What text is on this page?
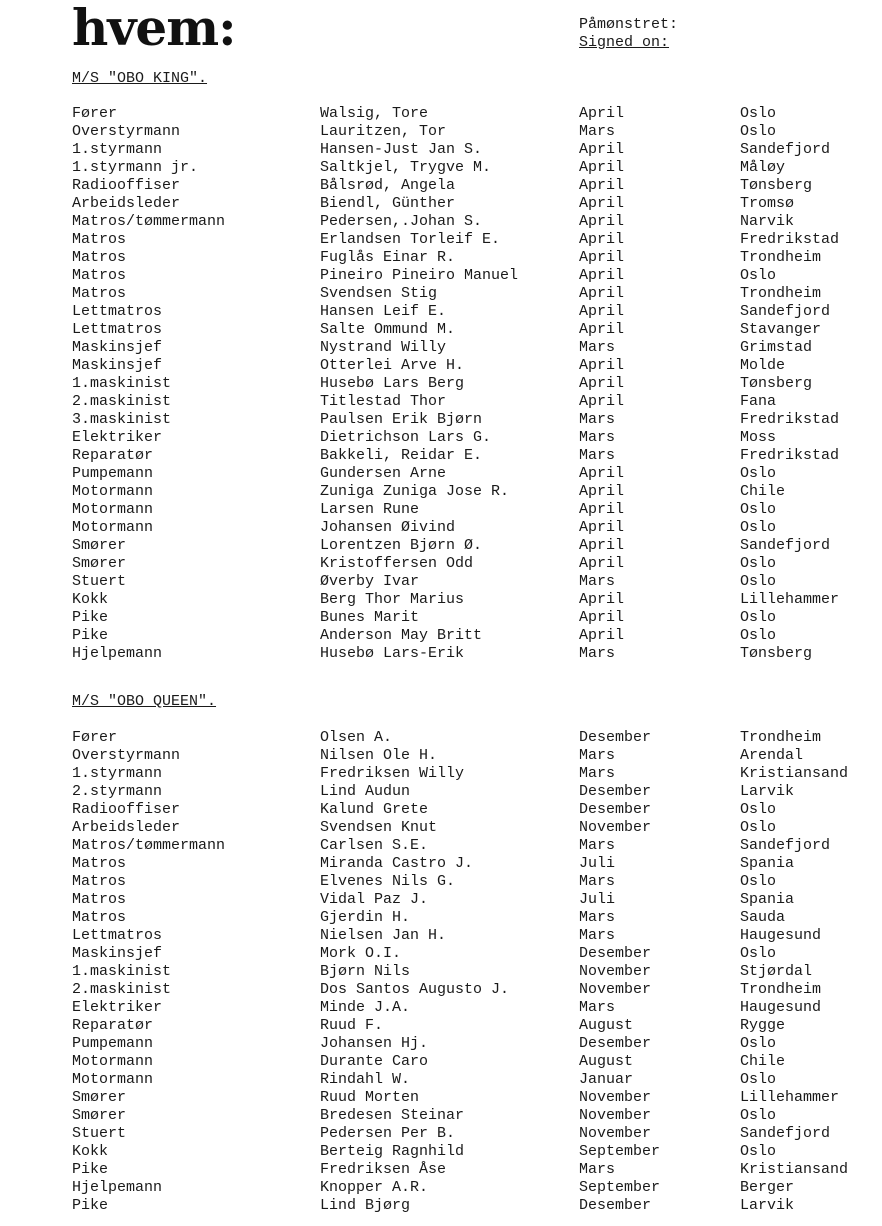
hvem:	Påmønstret:
Signed on:
M/S "OBO KING".
Fører	Walsig, Tore	April	Oslo
Overstyrmann	Lauritzen, Tor	Mars	Oslo
1.styrmann	Hansen-Just Jan S.	April	Sandefjord
1.styrmann jr.	Saltkjel, Trygve M.	April	Måløy
Radiooffiser	Bålsrød, Angela	April	Tønsberg
Arbeidsleder	Biendl, Günther	April	Tromsø
Matros/tømmermann	Pedersen,.Johan S.	April	Narvik
Matros	Erlandsen Torleif E.	April	Fredrikstad
Matros	Fuglås Einar R.	April	Trondheim
Matros	Pineiro Pineiro Manuel	April	Oslo
Matros	Svendsen Stig	April	Trondheim
Lettmatros	Hansen Leif E.	April	Sandefjord
Lettmatros	Salte Ommund M.	April	Stavanger
Maskinsjef	Nystrand Willy	Mars	Grimstad
Maskinsjef	Otterlei Arve H.	April	Molde
1.maskinist	Husebø Lars Berg	April	Tønsberg
2.maskinist	Titlestad Thor	April	Fana
3.maskinist	Paulsen Erik Bjørn	Mars	Fredrikstad
Elektriker	Dietrichson Lars G.	Mars	Moss
Reparatør	Bakkeli, Reidar E.	Mars	Fredrikstad
Pumpemann	Gundersen Arne	April	Oslo
Motormann	Zuniga Zuniga Jose R.	April	Chile
Motormann	Larsen Rune	April	Oslo
Motormann	Johansen Øivind	April	Oslo
Smører	Lorentzen Bjørn Ø.	April	Sandefjord
Smører	Kristoffersen Odd	April	Oslo
Stuert	Øverby Ivar	Mars	Oslo
Kokk	Berg Thor Marius	April	Lillehammer
Pike	Bunes Marit	April	Oslo
Pike	Anderson May Britt	April	Oslo
Hjelpemann	Husebø Lars-Erik	Mars	Tønsberg
M/S "OBO QUEEN".
Fører	Olsen A.	Desember	Trondheim
Overstyrmann	Nilsen Ole H.	Mars	Arendal
1.styrmann	Fredriksen Willy	Mars	Kristiansand
2.styrmann	Lind Audun	Desember	Larvik
Radiooffiser	Kalund Grete	Desember	Oslo
Arbeidsleder	Svendsen Knut	November	Oslo
Matros/tømmermann	Carlsen S.E.	Mars	Sandefjord
Matros	Miranda Castro J.	Juli	Spania
Matros	Elvenes Nils G.	Mars	Oslo
Matros	Vidal Paz J.	Juli	Spania
Matros	Gjerdin H.	Mars	Sauda
Lettmatros	Nielsen Jan H.	Mars	Haugesund
Maskinsjef	Mork O.I.	Desember	Oslo
1.maskinist	Bjørn Nils	November	Stjørdal
2.maskinist	Dos Santos Augusto J.	November	Trondheim
Elektriker	Minde J.A.	Mars	Haugesund
Reparatør	Ruud F.	August	Rygge
Pumpemann	Johansen Hj.	Desember	Oslo
Motormann	Durante Caro	August	Chile
Motormann	Rindahl W.	Januar	Oslo
Smører	Ruud Morten	November	Lillehammer
Smører	Bredesen Steinar	November	Oslo
Stuert	Pedersen Per B.	November	Sandefjord
Kokk	Berteig Ragnhild	September	Oslo
Pike	Fredriksen Åse	Mars	Kristiansand
Hjelpemann	Knopper A.R.	September	Berger
Pike	Lind Bjørg	Desember	Larvik
